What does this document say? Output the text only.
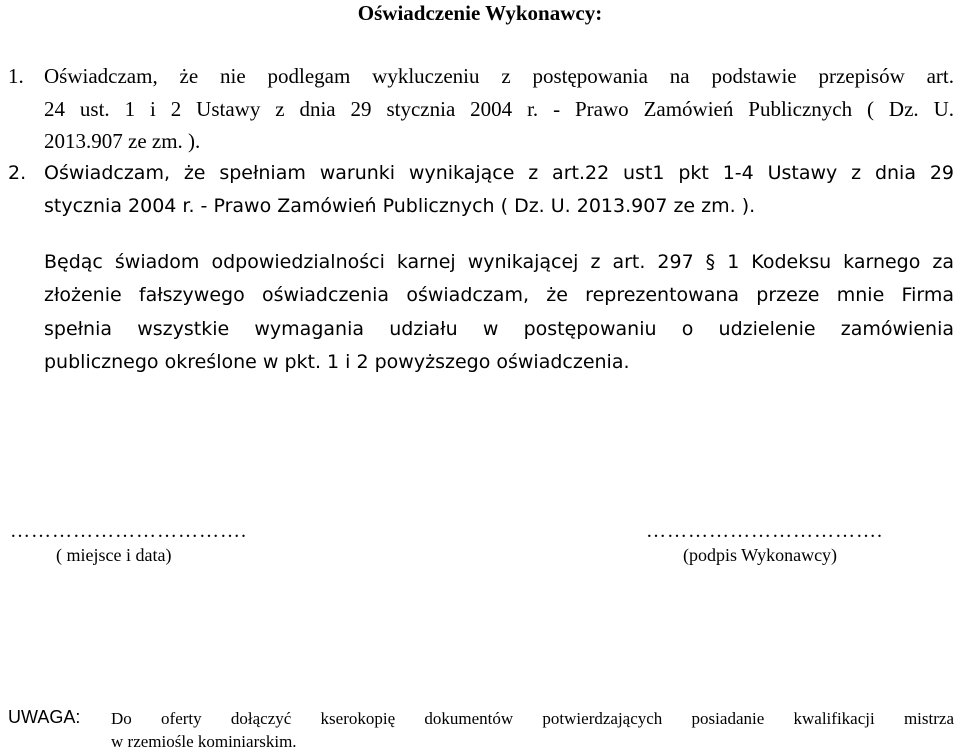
Oświadczenie Wykonawcy:
1. Oświadczam, że nie podlegam wykluczeniu z postępowania na podstawie przepisów art.
24 ust. 1 i 2 Ustawy z dnia 29 stycznia 2004 r. - Prawo Zamówień Publicznych ( Dz. U.
2013.907 ze zm. ).
2. Oświadczam, że spełniam warunki wynikające z art.22 ust1 pkt 1-4 Ustawy z dnia 29
stycznia 2004 r. - Prawo Zamówień Publicznych ( Dz. U. 2013.907 ze zm. ).
Będąc świadom odpowiedzialności karnej wynikającej z art. 297 § 1 Kodeksu karnego za
złożenie fałszywego oświadczenia oświadczam, że reprezentowana przeze mnie Firma
spełnia wszystkie wymagania udziału w postępowaniu o udzielenie zamówienia
publicznego określone w pkt. 1 i 2 powyższego oświadczenia.
…………………………….
( miejsce i data)
…………………………….
(podpis Wykonawcy)
UWAGA: Do oferty dołączyć kserokopię dokumentów potwierdzających posiadanie kwalifikacji mistrza
w rzemiośle kominiarskim.
